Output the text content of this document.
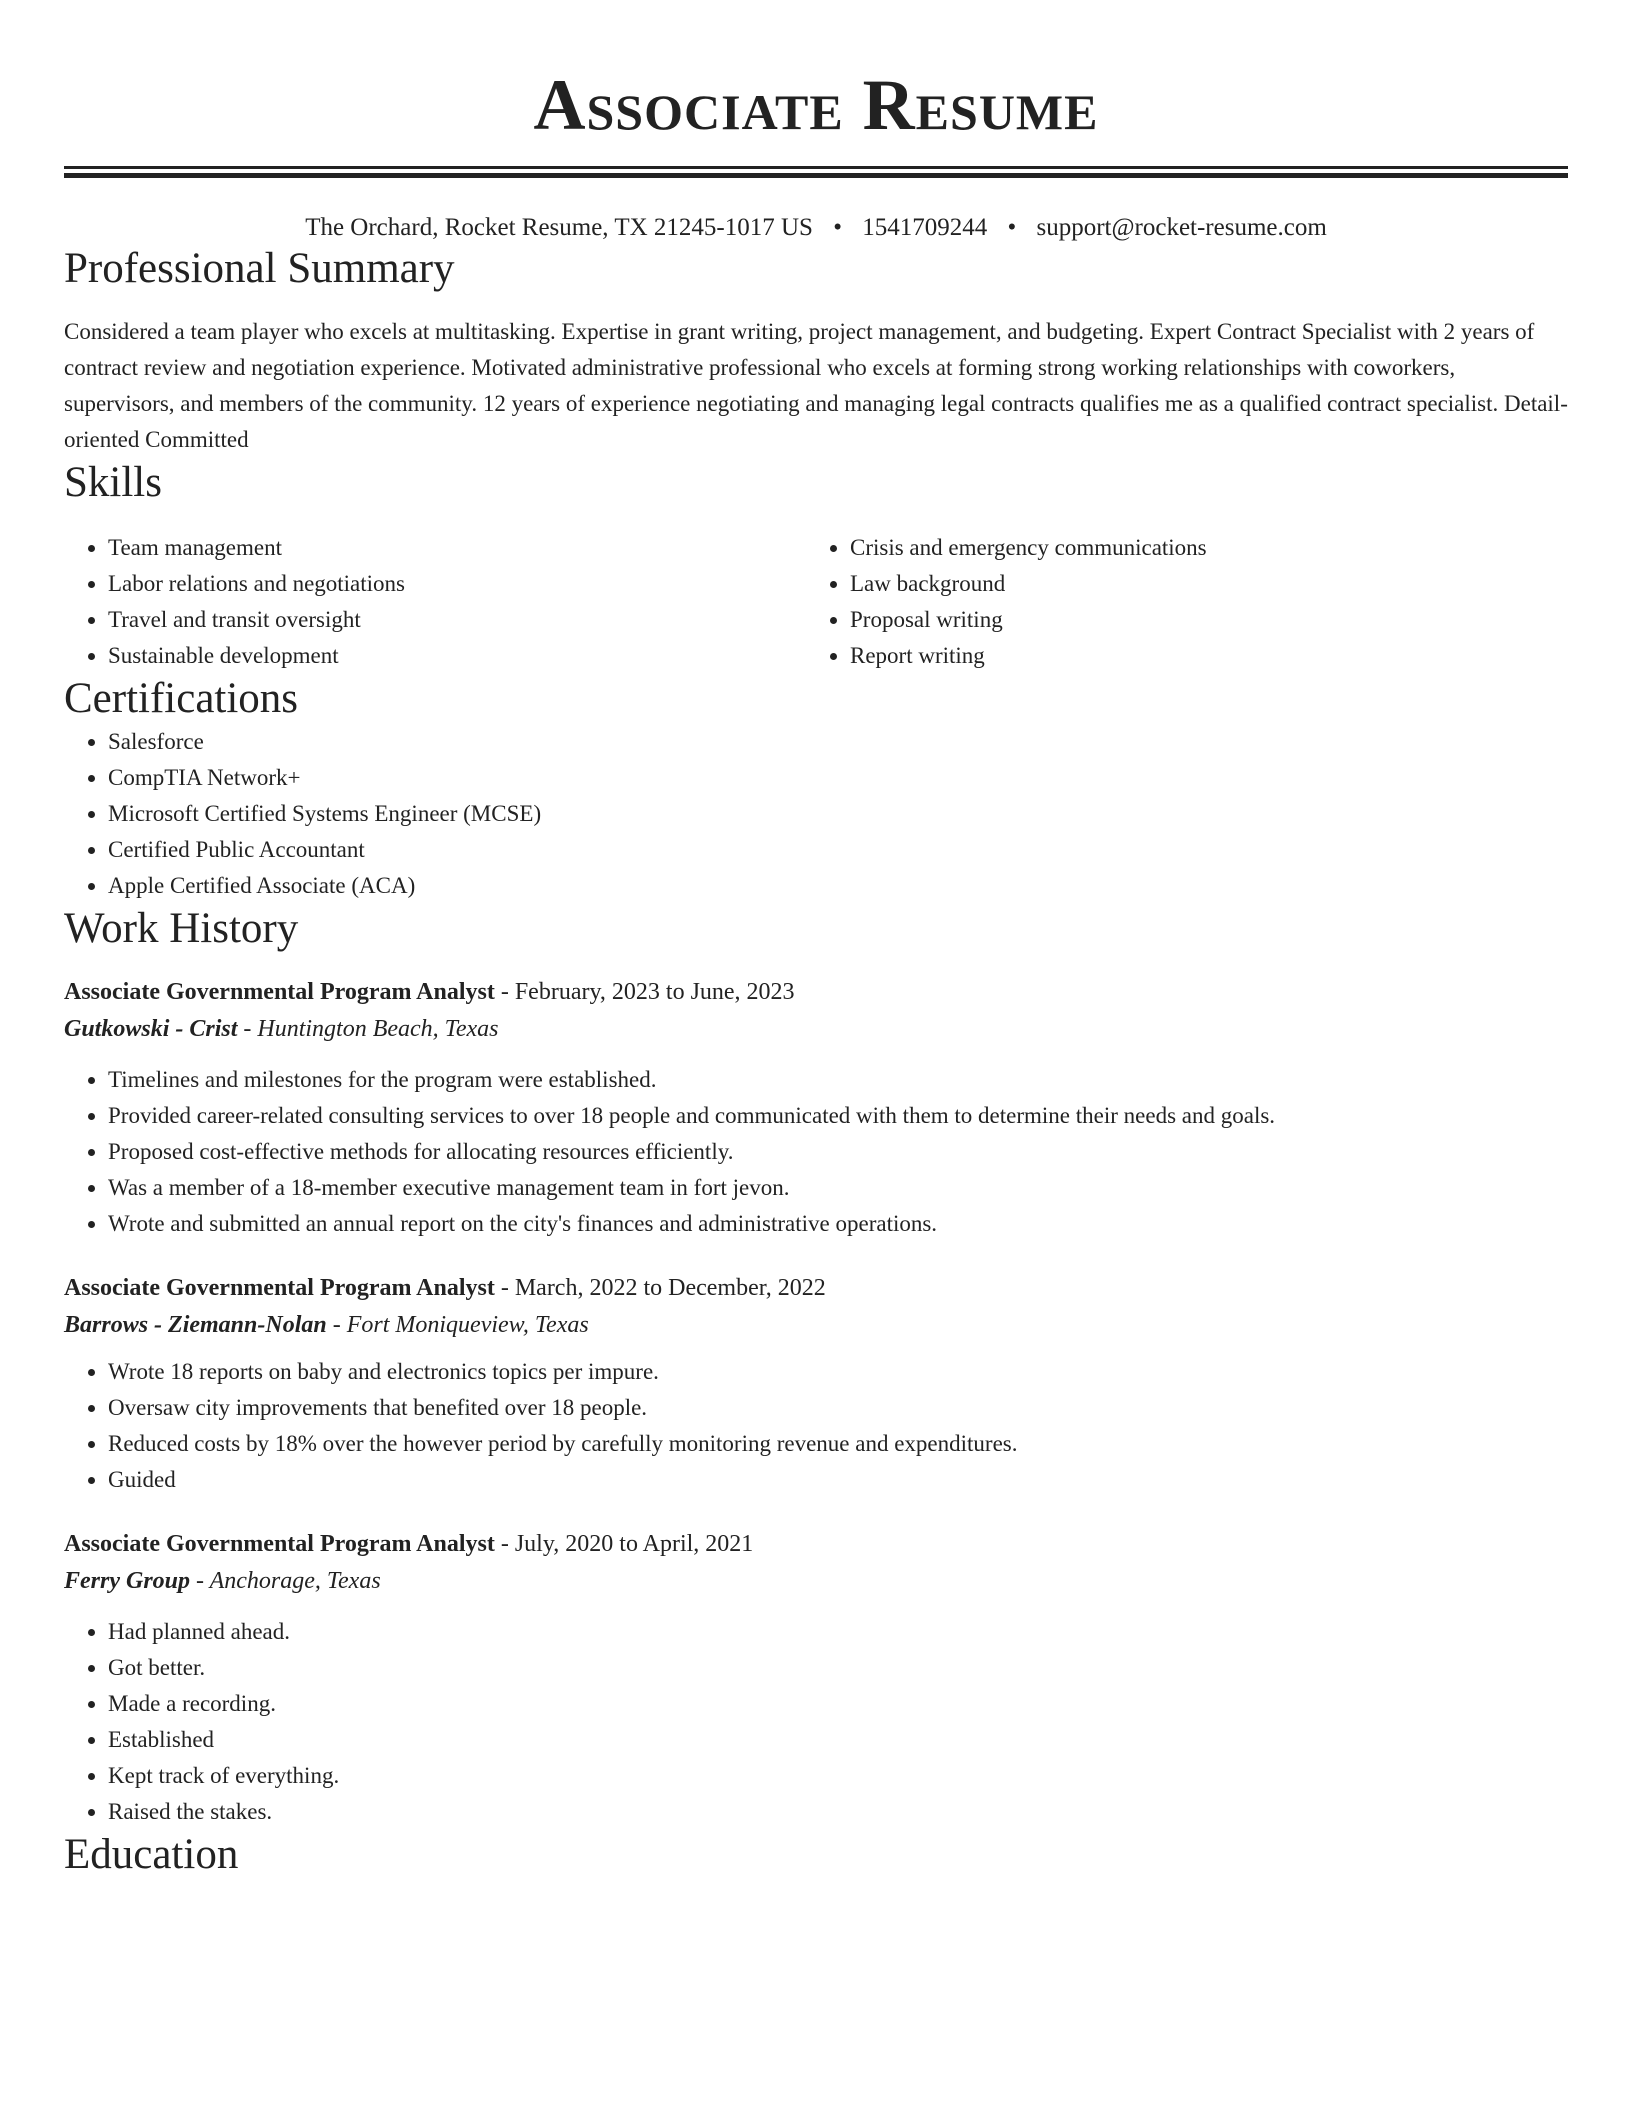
Associate Resume
The Orchard, Rocket Resume, TX 21245-1017 US • 1541709244 • support@rocket-resume.com
Professional Summary
Considered a team player who excels at multitasking. Expertise in grant writing, project management, and budgeting. Expert Contract Specialist with 2 years of contract review and negotiation experience. Motivated administrative professional who excels at forming strong working relationships with coworkers, supervisors, and members of the community. 12 years of experience negotiating and managing legal contracts qualifies me as a qualified contract specialist. Detail-oriented Committed
Skills
• Team management
• Labor relations and negotiations
• Travel and transit oversight
• Sustainable development
• Crisis and emergency communications
• Law background
• Proposal writing
• Report writing
Certifications
• Salesforce
• CompTIA Network+
• Microsoft Certified Systems Engineer (MCSE)
• Certified Public Accountant
• Apple Certified Associate (ACA)
Work History
Associate Governmental Program Analyst - February, 2023 to June, 2023
Gutkowski - Crist - Huntington Beach, Texas
• Timelines and milestones for the program were established.
• Provided career-related consulting services to over 18 people and communicated with them to determine their needs and goals.
• Proposed cost-effective methods for allocating resources efficiently.
• Was a member of a 18-member executive management team in fort jevon.
• Wrote and submitted an annual report on the city's finances and administrative operations.
Associate Governmental Program Analyst - March, 2022 to December, 2022
Barrows - Ziemann-Nolan - Fort Moniqueview, Texas
• Wrote 18 reports on baby and electronics topics per impure.
• Oversaw city improvements that benefited over 18 people.
• Reduced costs by 18% over the however period by carefully monitoring revenue and expenditures.
• Guided
Associate Governmental Program Analyst - July, 2020 to April, 2021
Ferry Group - Anchorage, Texas
• Had planned ahead.
• Got better.
• Made a recording.
• Established
• Kept track of everything.
• Raised the stakes.
Education
